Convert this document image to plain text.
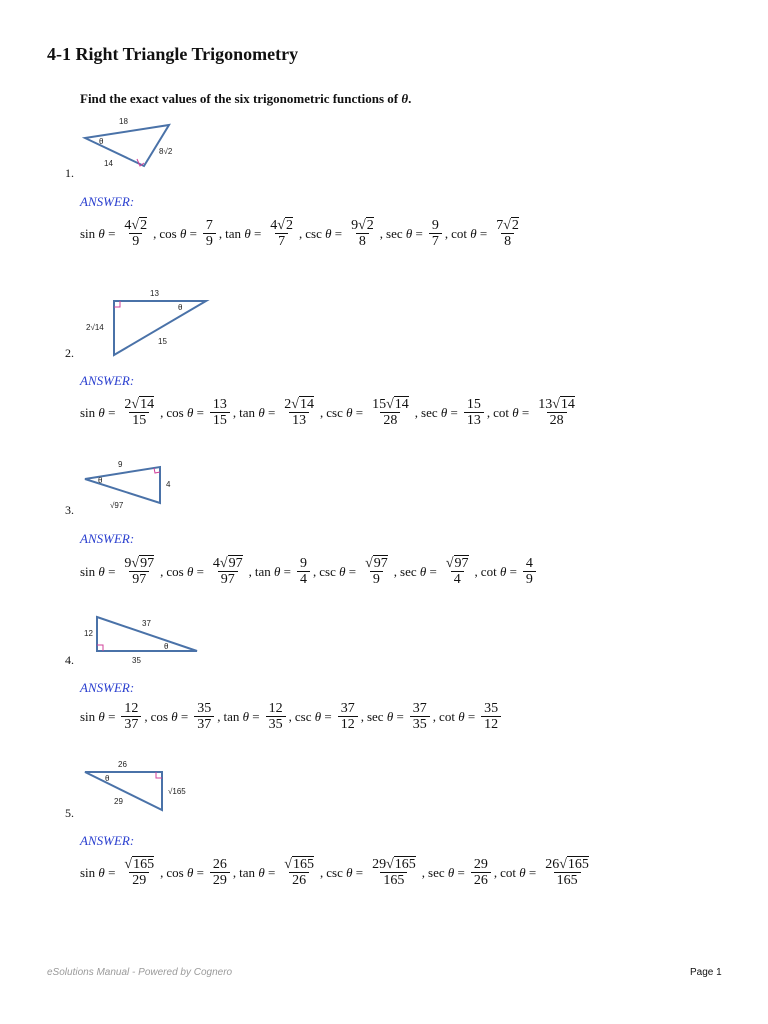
4-1 Right Triangle Trigonometry
Find the exact values of the six trigonometric functions of θ.
18
14
8√2
θ
1.
ANSWER:
$\sin \theta = \frac{4√2}{9}$ , $\cos \theta = \frac{7}{9}$ , $\tan \theta = \frac{4√2}{7}$ , $\csc \theta = \frac{9√2}{8}$ , $\sec \theta = \frac{9}{7}$ , $\cot \theta = \frac{7√2}{8}$
13
2√14
15
θ
2.
ANSWER:
$\sin \theta = \frac{2√14}{15}$ , $\cos \theta = \frac{13}{15}$ , $\tan \theta = \frac{2√14}{13}$ , $\csc \theta = \frac{15√14}{28}$ , $\sec \theta = \frac{15}{13}$ , $\cot \theta = \frac{13√14}{28}$
9
4
√97
θ
3.
ANSWER:
$\sin \theta = \frac{9√97}{97}$ , $\cos \theta = \frac{4√97}{97}$ , $\tan \theta = \frac{9}{4}$ , $\csc \theta = \frac{√97}{9}$ , $\sec \theta = \frac{√97}{4}$ , $\cot \theta = \frac{4}{9}$
37
12
35
θ
4.
ANSWER:
$\sin \theta = \frac{12}{37}$ , $\cos \theta = \frac{35}{37}$ , $\tan \theta = \frac{12}{35}$ , $\csc \theta = \frac{37}{12}$ , $\sec \theta = \frac{37}{35}$ , $\cot \theta = \frac{35}{12}$
26
√165
29
θ
5.
ANSWER:
$\sin \theta = \frac{√165}{29}$ , $\cos \theta = \frac{26}{29}$ , $\tan \theta = \frac{√165}{26}$ , $\csc \theta = \frac{29√165}{165}$ , $\sec \theta = \frac{29}{26}$ , $\cot \theta = \frac{26√165}{165}$
eSolutions Manual - Powered by Cognero	Page 1
